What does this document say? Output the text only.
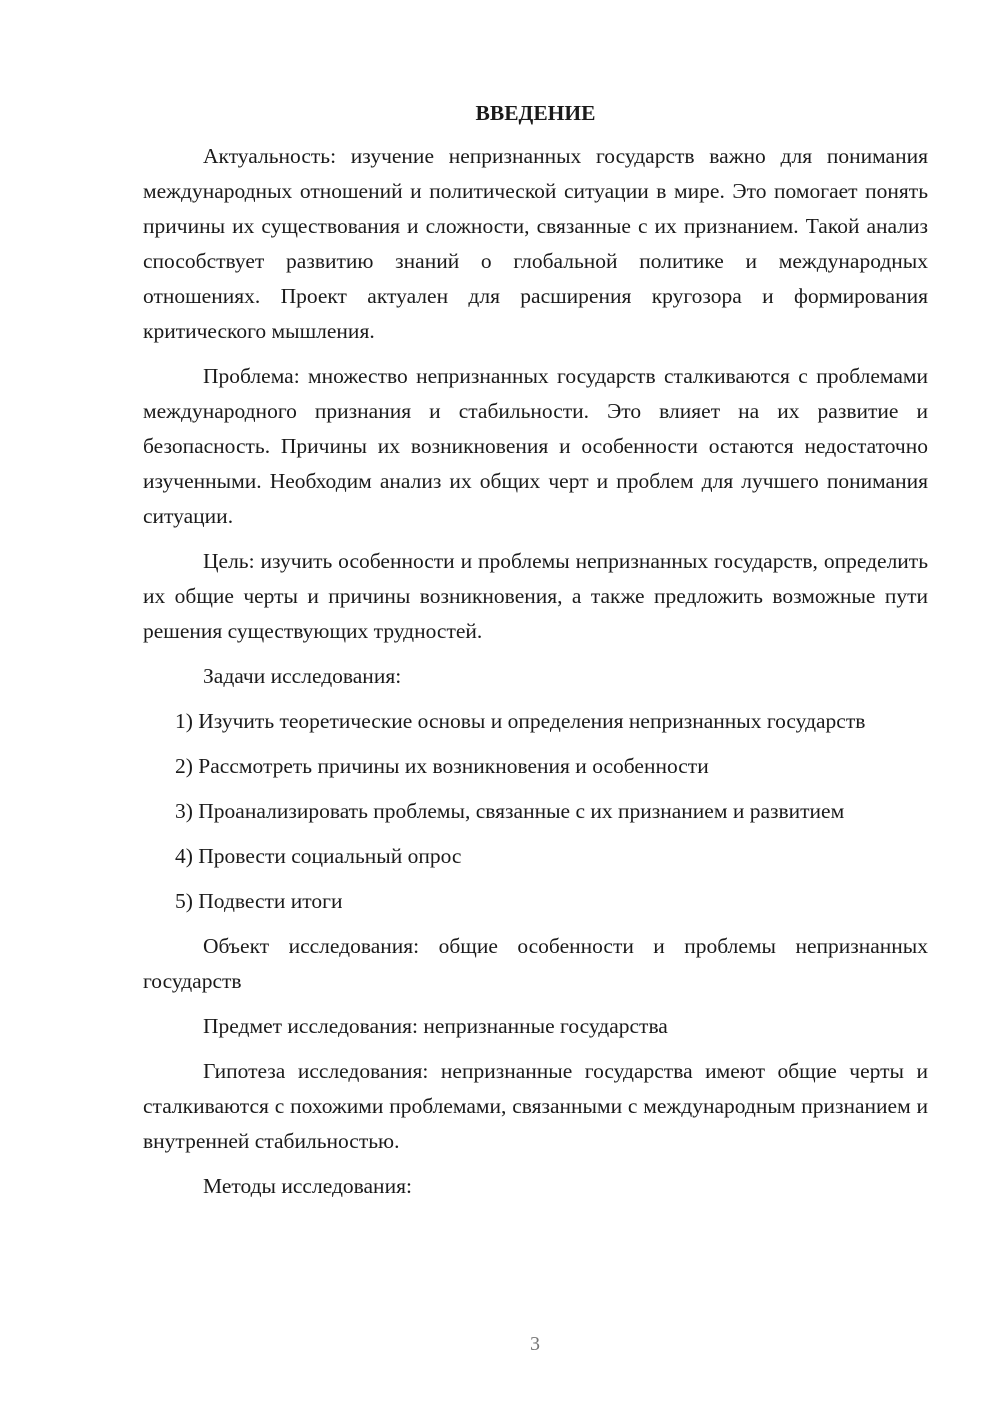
ВВЕДЕНИЕ

Актуальность: изучение непризнанных государств важно для понимания международных отношений и политической ситуации в мире. Это помогает понять причины их существования и сложности, связанные с их признанием. Такой анализ способствует развитию знаний о глобальной политике и международных отношениях. Проект актуален для расширения кругозора и формирования критического мышления.

Проблема: множество непризнанных государств сталкиваются с проблемами международного признания и стабильности. Это влияет на их развитие и безопасность. Причины их возникновения и особенности остаются недостаточно изученными. Необходим анализ их общих черт и проблем для лучшего понимания ситуации.

Цель: изучить особенности и проблемы непризнанных государств, определить их общие черты и причины возникновения, а также предложить возможные пути решения существующих трудностей.

Задачи исследования:

1) Изучить теоретические основы и определения непризнанных государств

2) Рассмотреть причины их возникновения и особенности

3) Проанализировать проблемы, связанные с их признанием и развитием

4) Провести социальный опрос

5) Подвести итоги

Объект исследования: общие особенности и проблемы непризнанных государств

Предмет исследования: непризнанные государства

Гипотеза исследования: непризнанные государства имеют общие черты и сталкиваются с похожими проблемами, связанными с международным признанием и внутренней стабильностью.

Методы исследования:

3
